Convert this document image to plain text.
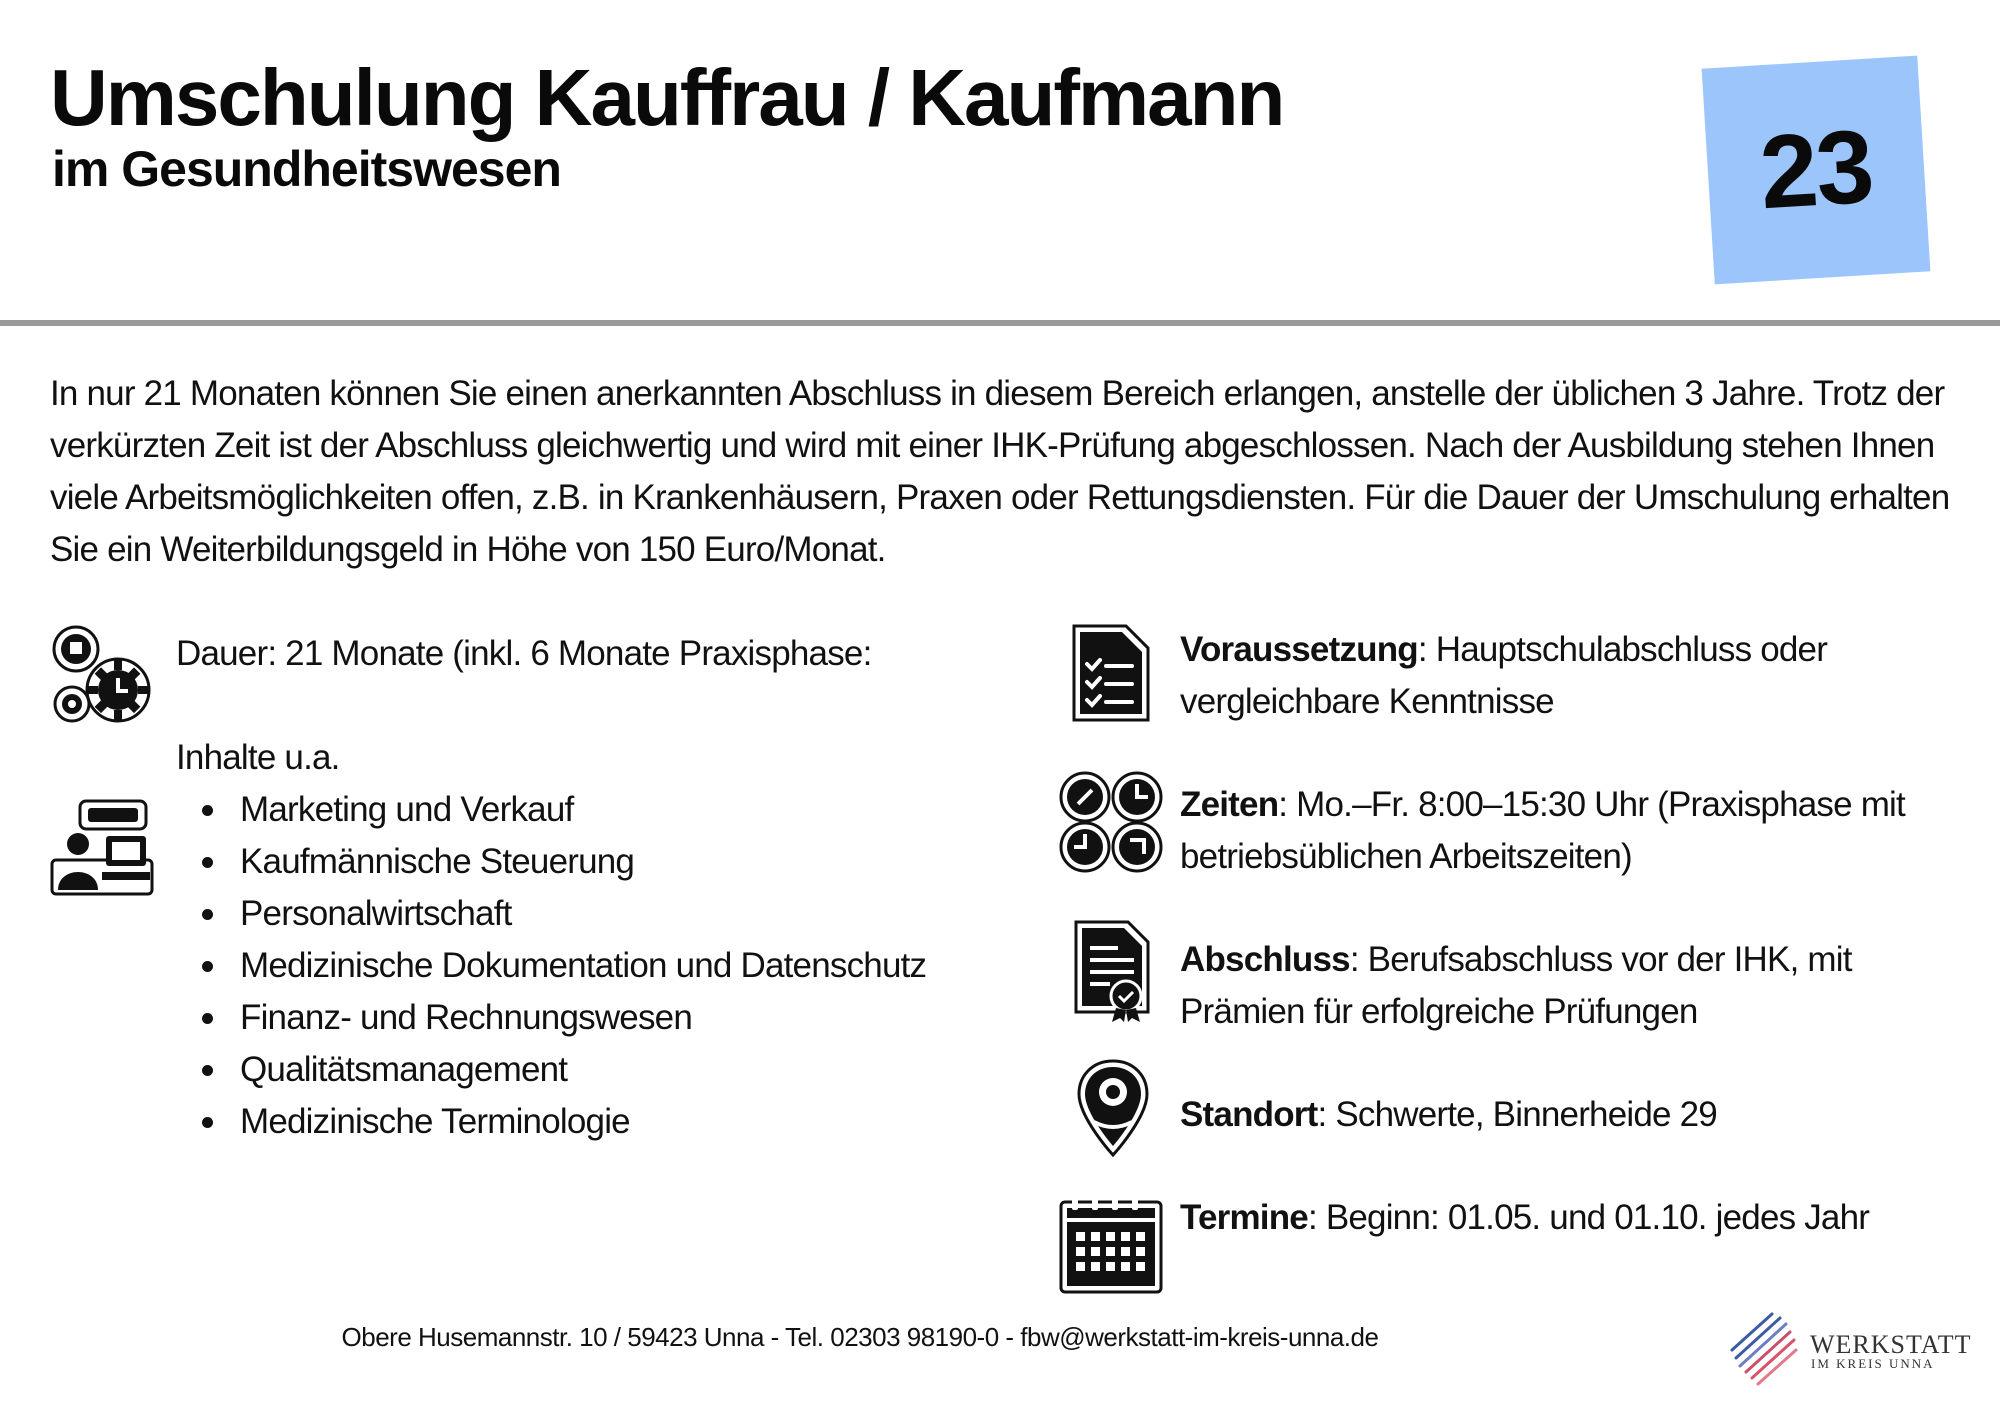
Umschulung Kauffrau / Kaufmann
im Gesundheitswesen	23

In nur 21 Monaten können Sie einen anerkannten Abschluss in diesem Bereich erlangen, anstelle der üblichen 3 Jahre. Trotz der verkürzten Zeit ist der Abschluss gleichwertig und wird mit einer IHK-Prüfung abgeschlossen. Nach der Ausbildung stehen Ihnen viele Arbeitsmöglichkeiten offen, z.B. in Krankenhäusern, Praxen oder Rettungsdiensten. Für die Dauer der Umschulung erhalten Sie ein Weiterbildungsgeld in Höhe von 150 Euro/Monat.

Dauer: 21 Monate (inkl. 6 Monate Praxisphase:

Inhalte u.a.

Marketing und Verkauf
Kaufmännische Steuerung
Personalwirtschaft
Medizinische Dokumentation und Datenschutz
Finanz- und Rechnungswesen
Qualitätsmanagement
Medizinische Terminologie

Voraussetzung: Hauptschulabschluss oder vergleichbare Kenntnisse

Zeiten: Mo.–Fr. 8:00–15:30 Uhr (Praxisphase mit betriebsüblichen Arbeitszeiten)

Abschluss: Berufsabschluss vor der IHK, mit Prämien für erfolgreiche Prüfungen

Standort: Schwerte, Binnerheide 29

Termine: Beginn: 01.05. und 01.10. jedes Jahr

Obere Husemannstr. 10 / 59423 Unna - Tel. 02303 98190-0 - fbw@werkstatt-im-kreis-unna.de	WERKSTATT
IM KREIS UNNA
